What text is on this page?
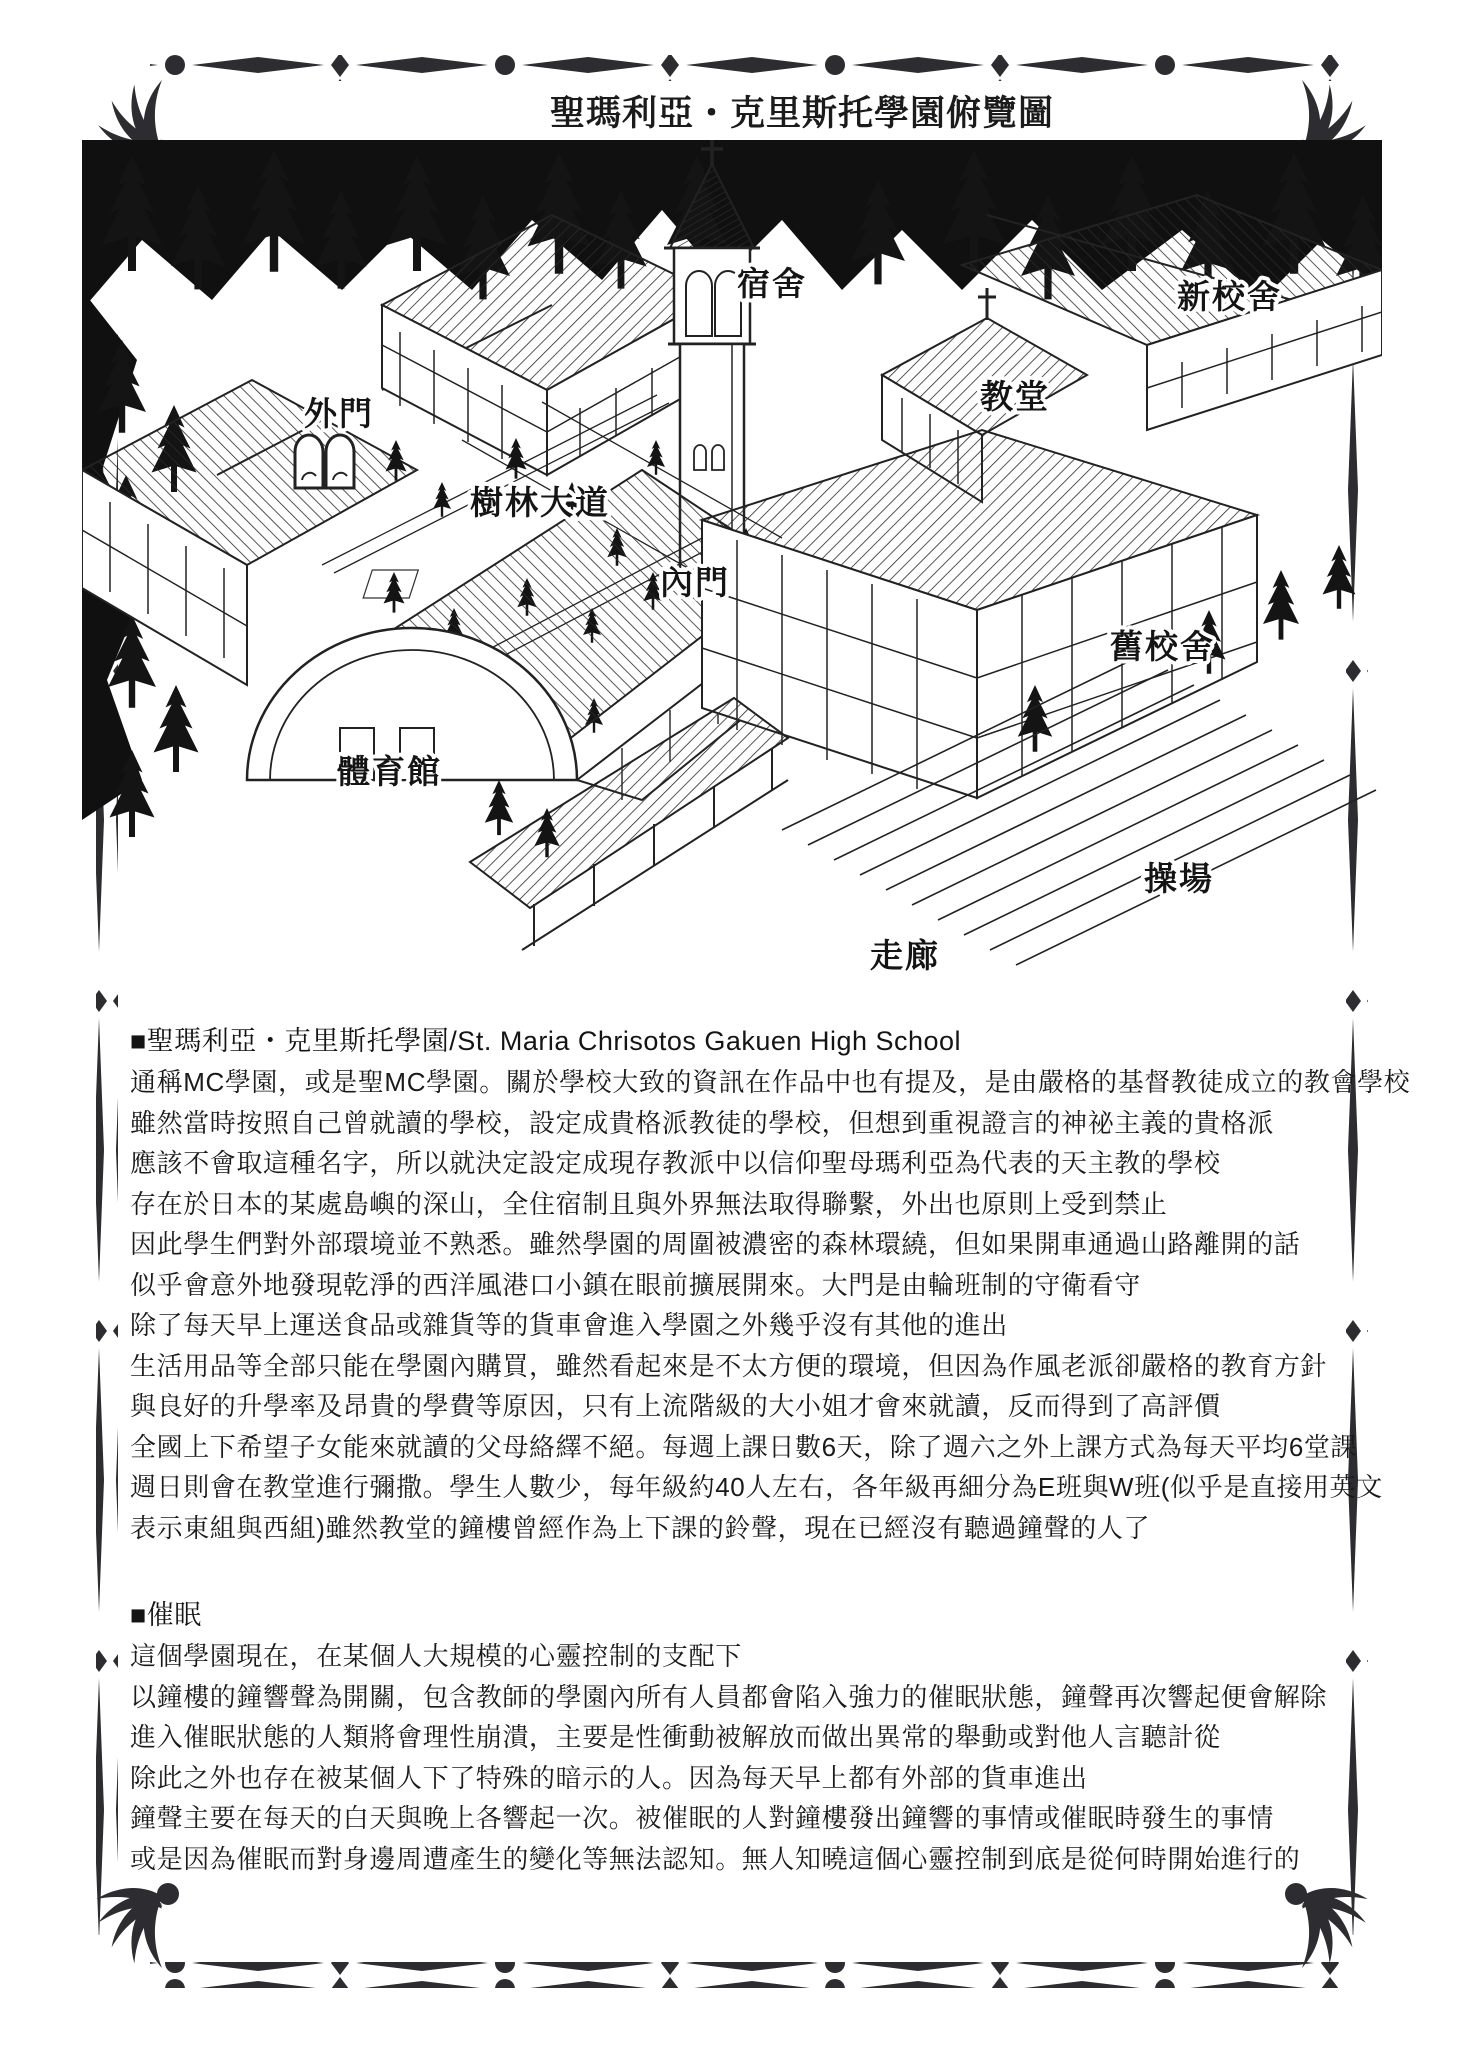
聖瑪利亞・克里斯托學園俯覽圖
宿舍	新校舍
教堂
外門
樹林大道
內門
舊校舍
體育館
操場
走廊
■聖瑪利亞・克里斯托學園/St. Maria Chrisotos Gakuen High School
通稱MC學園，或是聖MC學園。關於學校大致的資訊在作品中也有提及，是由嚴格的基督教徒成立的教會學校
雖然當時按照自己曾就讀的學校，設定成貴格派教徒的學校，但想到重視證言的神祕主義的貴格派
應該不會取這種名字，所以就決定設定成現存教派中以信仰聖母瑪利亞為代表的天主教的學校
存在於日本的某處島嶼的深山，全住宿制且與外界無法取得聯繫，外出也原則上受到禁止
因此學生們對外部環境並不熟悉。雖然學園的周圍被濃密的森林環繞，但如果開車通過山路離開的話
似乎會意外地發現乾淨的西洋風港口小鎮在眼前擴展開來。大門是由輪班制的守衛看守
除了每天早上運送食品或雜貨等的貨車會進入學園之外幾乎沒有其他的進出
生活用品等全部只能在學園內購買，雖然看起來是不太方便的環境，但因為作風老派卻嚴格的教育方針
與良好的升學率及昂貴的學費等原因，只有上流階級的大小姐才會來就讀，反而得到了高評價
全國上下希望子女能來就讀的父母絡繹不絕。每週上課日數6天，除了週六之外上課方式為每天平均6堂課
週日則會在教堂進行彌撒。學生人數少，每年級約40人左右，各年級再細分為E班與W班(似乎是直接用英文
表示東組與西組)雖然教堂的鐘樓曾經作為上下課的鈴聲，現在已經沒有聽過鐘聲的人了
■催眠
這個學園現在，在某個人大規模的心靈控制的支配下
以鐘樓的鐘響聲為開關，包含教師的學園內所有人員都會陷入強力的催眠狀態，鐘聲再次響起便會解除
進入催眠狀態的人類將會理性崩潰，主要是性衝動被解放而做出異常的舉動或對他人言聽計從
除此之外也存在被某個人下了特殊的暗示的人。因為每天早上都有外部的貨車進出
鐘聲主要在每天的白天與晚上各響起一次。被催眠的人對鐘樓發出鐘響的事情或催眠時發生的事情
或是因為催眠而對身邊周遭產生的變化等無法認知。無人知曉這個心靈控制到底是從何時開始進行的
